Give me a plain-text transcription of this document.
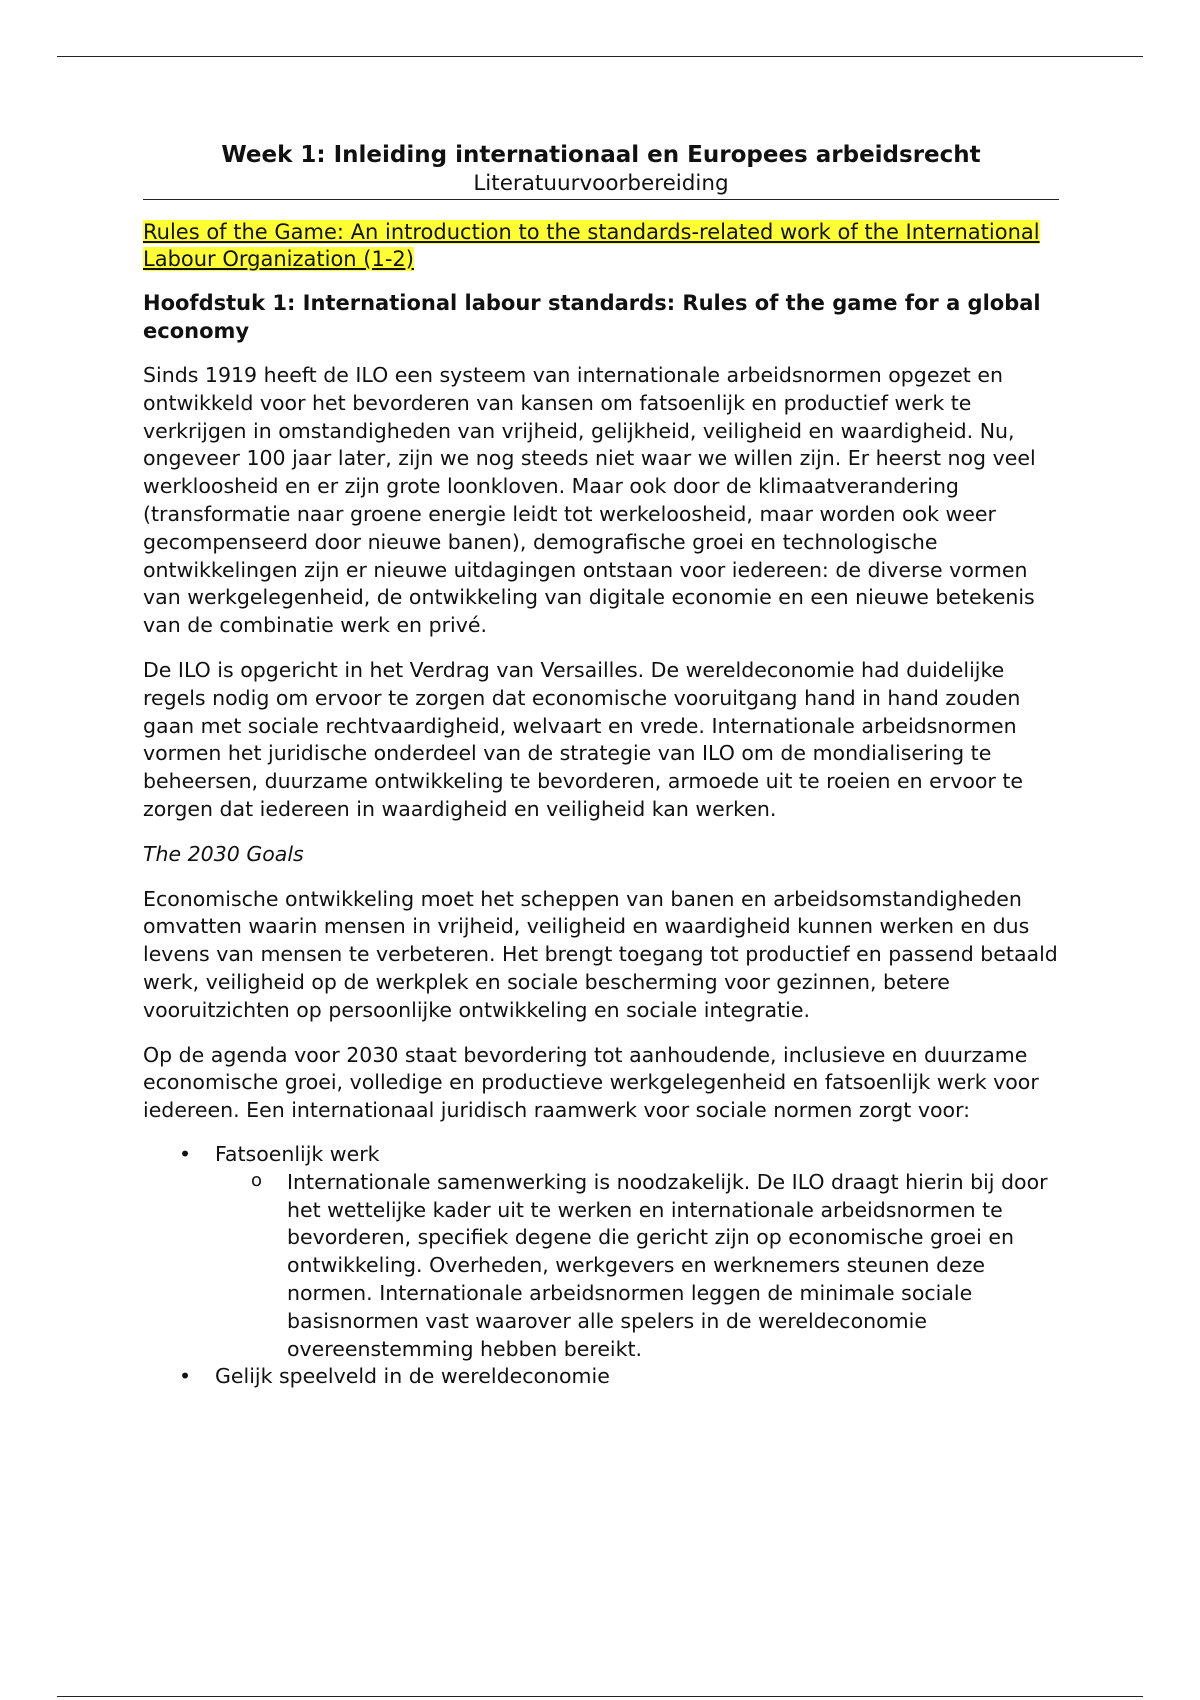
Week 1: Inleiding internationaal en Europees arbeidsrecht
Literatuurvoorbereiding
Rules of the Game: An introduction to the standards-related work of the International Labour Organization (1-2)
Hoofdstuk 1: International labour standards: Rules of the game for a global economy

Sinds 1919 heeft de ILO een systeem van internationale arbeidsnormen opgezet en ontwikkeld voor het bevorderen van kansen om fatsoenlijk en productief werk te verkrijgen in omstandigheden van vrijheid, gelijkheid, veiligheid en waardigheid. Nu, ongeveer 100 jaar later, zijn we nog steeds niet waar we willen zijn. Er heerst nog veel werkloosheid en er zijn grote loonkloven. Maar ook door de klimaatverandering (transformatie naar groene energie leidt tot werkeloosheid, maar worden ook weer gecompenseerd door nieuwe banen), demografische groei en technologische ontwikkelingen zijn er nieuwe uitdagingen ontstaan voor iedereen: de diverse vormen van werkgelegenheid, de ontwikkeling van digitale economie en een nieuwe betekenis van de combinatie werk en privé.

De ILO is opgericht in het Verdrag van Versailles. De wereldeconomie had duidelijke regels nodig om ervoor te zorgen dat economische vooruitgang hand in hand zouden gaan met sociale rechtvaardigheid, welvaart en vrede. Internationale arbeidsnormen vormen het juridische onderdeel van de strategie van ILO om de mondialisering te beheersen, duurzame ontwikkeling te bevorderen, armoede uit te roeien en ervoor te zorgen dat iedereen in waardigheid en veiligheid kan werken.

The 2030 Goals

Economische ontwikkeling moet het scheppen van banen en arbeidsomstandigheden omvatten waarin mensen in vrijheid, veiligheid en waardigheid kunnen werken en dus levens van mensen te verbeteren. Het brengt toegang tot productief en passend betaald werk, veiligheid op de werkplek en sociale bescherming voor gezinnen, betere vooruitzichten op persoonlijke ontwikkeling en sociale integratie.

Op de agenda voor 2030 staat bevordering tot aanhoudende, inclusieve en duurzame economische groei, volledige en productieve werkgelegenheid en fatsoenlijk werk voor iedereen. Een internationaal juridisch raamwerk voor sociale normen zorgt voor:

• Fatsoenlijk werk
o Internationale samenwerking is noodzakelijk. De ILO draagt hierin bij door het wettelijke kader uit te werken en internationale arbeidsnormen te bevorderen, specifiek degene die gericht zijn op economische groei en ontwikkeling. Overheden, werkgevers en werknemers steunen deze normen. Internationale arbeidsnormen leggen de minimale sociale basisnormen vast waarover alle spelers in de wereldeconomie overeenstemming hebben bereikt.
• Gelijk speelveld in de wereldeconomie
